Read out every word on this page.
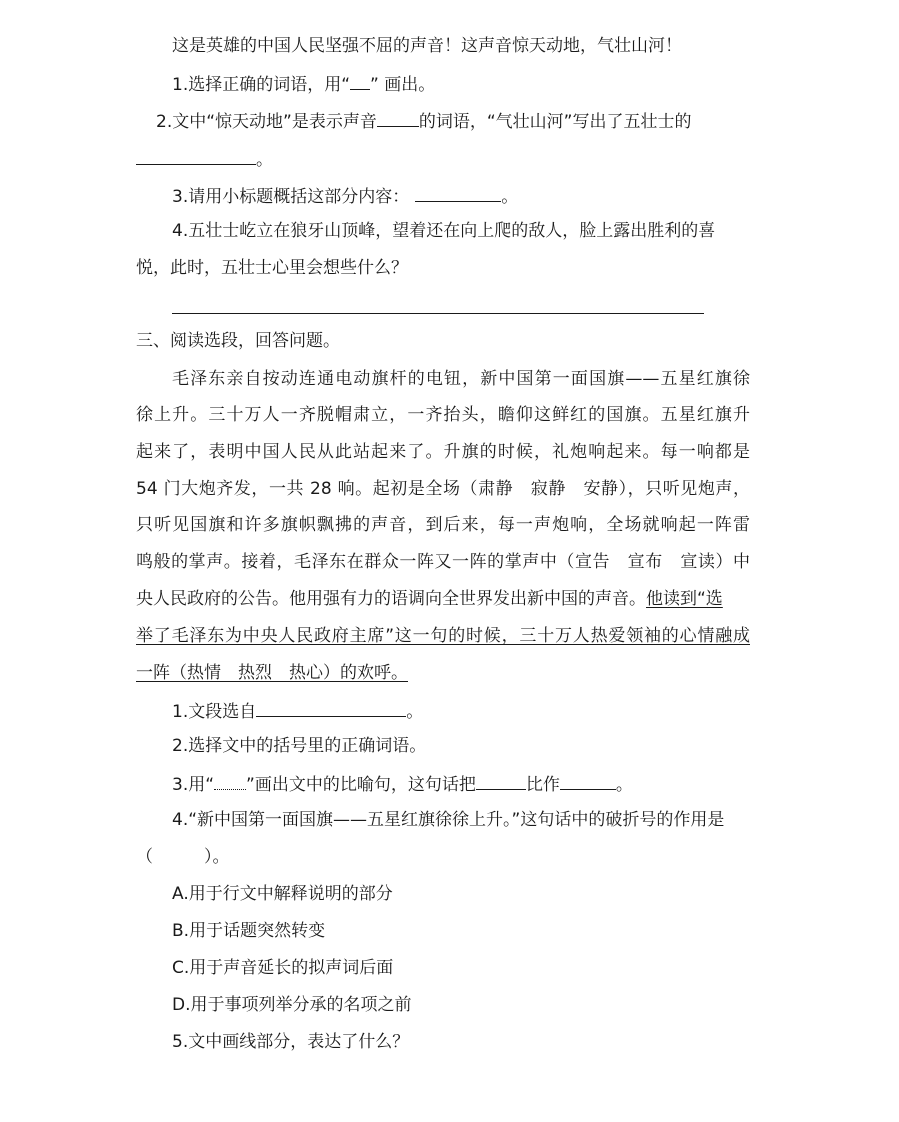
这是英雄的中国人民坚强不屈的声音！这声音惊天动地，气壮山河！
1.选择正确的词语，用“ ” 画出。
2.文中“惊天动地”是表示声音 的词语，“气壮山河”写出了五壮士的
。
3.请用小标题概括这部分内容：	。
4.五壮士屹立在狼牙山顶峰，望着还在向上爬的敌人，脸上露出胜利的喜
悦，此时，五壮士心里会想些什么？
三、阅读选段，回答问题。
毛泽东亲自按动连通电动旗杆的电钮，新中国第一面国旗——五星红旗徐
徐上升。三十万人一齐脱帽肃立，一齐抬头，瞻仰这鲜红的国旗。五星红旗升
起来了，表明中国人民从此站起来了。升旗的时候，礼炮响起来。每一响都是
54 门大炮齐发，一共 28 响。起初是全场（肃静　寂静　安静），只听见炮声，
只听见国旗和许多旗帜飘拂的声音，到后来，每一声炮响，全场就响起一阵雷
鸣般的掌声。接着，毛泽东在群众一阵又一阵的掌声中（宣告　宣布　宣读）中
央人民政府的公告。他用强有力的语调向全世界发出新中国的声音。他读到“选
举了毛泽东为中央人民政府主席”这一句的时候，三十万人热爱领袖的心情融成
一阵（热情　热烈　热心）的欢呼。
1.文段选自	。
2.选择文中的括号里的正确词语。
3.用“ ”画出文中的比喻句，这句话把	比作	。
4.“新中国第一面国旗——五星红旗徐徐上升。”这句话中的破折号的作用是
（　　　）。
A.用于行文中解释说明的部分
B.用于话题突然转变
C.用于声音延长的拟声词后面
D.用于事项列举分承的名项之前
5.文中画线部分，表达了什么？
